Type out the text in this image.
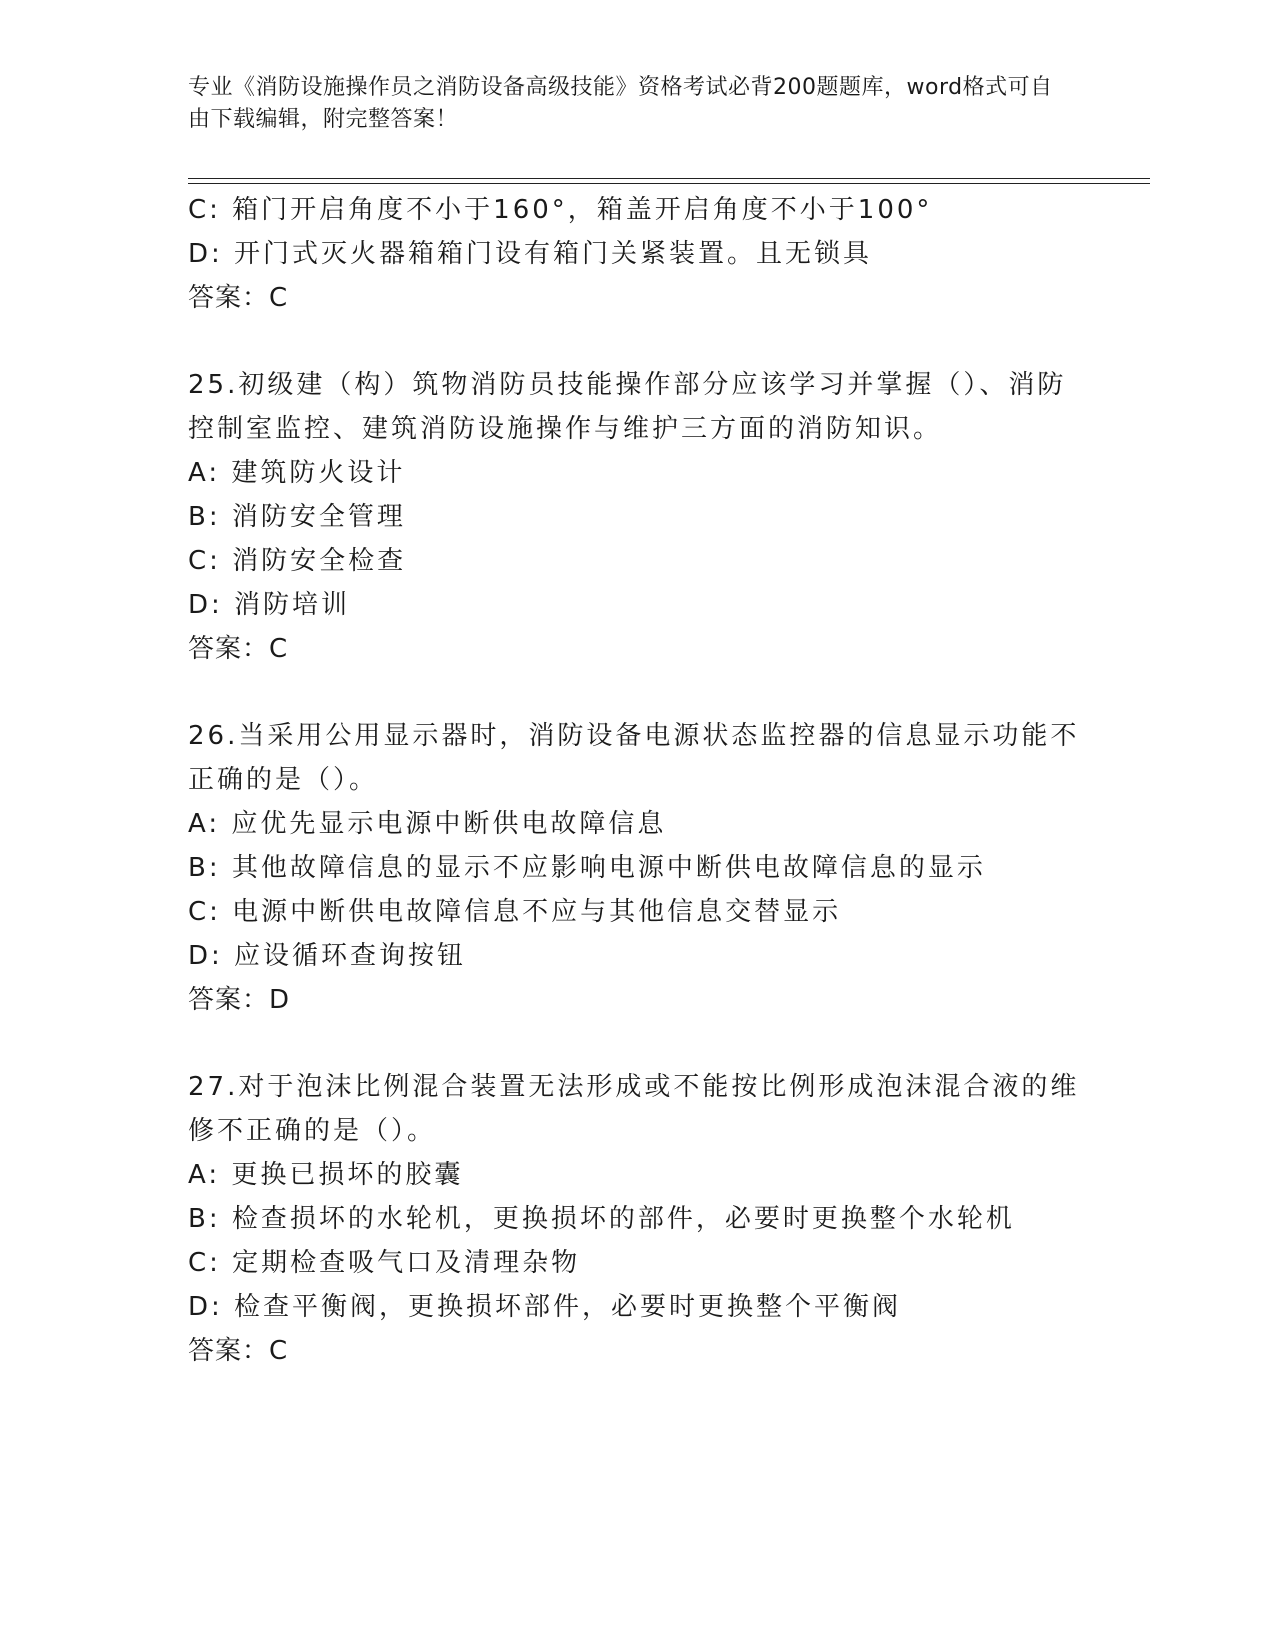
专业《消防设施操作员之消防设备高级技能》资格考试必背200题题库，word格式可自由下载编辑，附完整答案！
C: 箱门开启角度不小于160°，箱盖开启角度不小于100°
D: 开门式灭火器箱箱门设有箱门关紧装置。且无锁具
答案：C
25.初级建（构）筑物消防员技能操作部分应该学习并掌握（）、消防
控制室监控、建筑消防设施操作与维护三方面的消防知识。
A: 建筑防火设计
B: 消防安全管理
C: 消防安全检查
D: 消防培训
答案：C
26.当采用公用显示器时，消防设备电源状态监控器的信息显示功能不
正确的是（）。
A: 应优先显示电源中断供电故障信息
B: 其他故障信息的显示不应影响电源中断供电故障信息的显示
C: 电源中断供电故障信息不应与其他信息交替显示
D: 应设循环查询按钮
答案：D
27.对于泡沫比例混合装置无法形成或不能按比例形成泡沫混合液的维
修不正确的是（）。
A: 更换已损坏的胶囊
B: 检查损坏的水轮机，更换损坏的部件，必要时更换整个水轮机
C: 定期检查吸气口及清理杂物
D: 检查平衡阀，更换损坏部件，必要时更换整个平衡阀
答案：C
